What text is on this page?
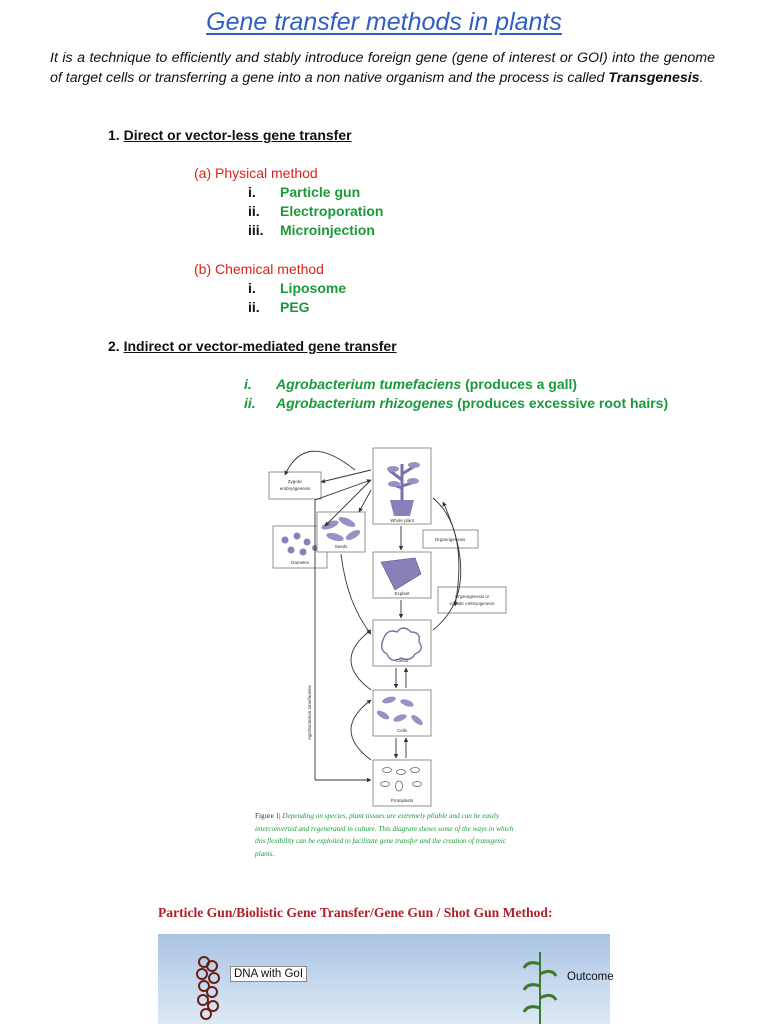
Gene transfer methods in plants
It is a technique to efficiently and stably introduce foreign gene (gene of interest or GOI) into the genome of target cells or transferring a gene into a non native organism and the process is called Transgenesis.
1. Direct or vector-less gene transfer
(a) Physical method
i. Particle gun
ii. Electroporation
iii. Microinjection
(b) Chemical method
i. Liposome
ii. PEG
2. Indirect or vector-mediated gene transfer
i. Agrobacterium tumefaciens (produces a gall)
ii. Agrobacterium rhizogenes (produces excessive root hairs)
Zygotic
embryogenesis
Whole plant
Organogenesis
Organogenesis or
somatic embryogenesis
Gametes
Seeds
Explant
Callus
Cells
Protoplasts
Agrobacterium tumefaciens
Figure 1| Depending on species, plant tissues are extremely pliable and can be easily interconverted and regenerated in culture. This diagram shows some of the ways in which this flexibility can be exploited to facilitate gene transfer and the creation of transgenic plants.
Particle Gun/Biolistic Gene Transfer/Gene Gun / Shot Gun Method:
DNA with GoI	Outcome
